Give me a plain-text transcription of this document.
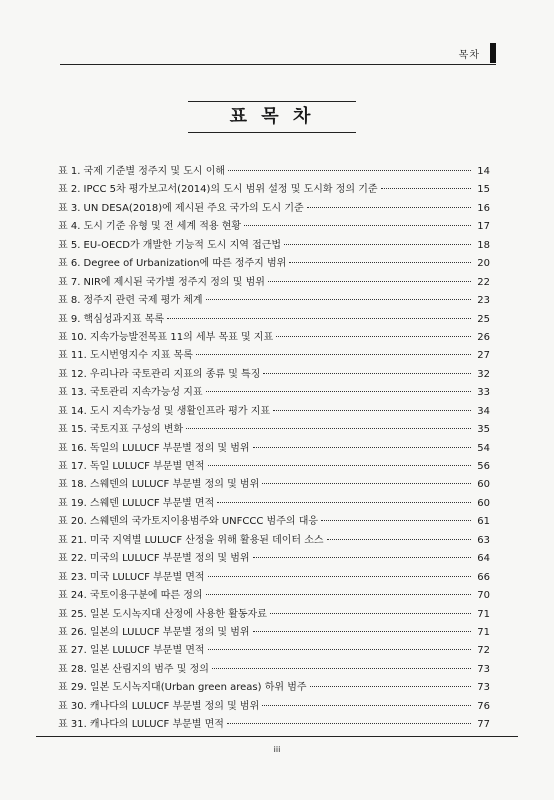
목차
표 목 차
표 1. 국제 기준별 정주지 및 도시 이해	14
표 2. IPCC 5차 평가보고서(2014)의 도시 범위 설정 및 도시화 정의 기준	15
표 3. UN DESA(2018)에 제시된 주요 국가의 도시 기준	16
표 4. 도시 기준 유형 및 전 세계 적용 현황	17
표 5. EU-OECD가 개발한 기능적 도시 지역 접근법	18
표 6. Degree of Urbanization에 따른 정주지 범위	20
표 7. NIR에 제시된 국가별 정주지 정의 및 범위	22
표 8. 정주지 관련 국제 평가 체계	23
표 9. 핵심성과지표 목록	25
표 10. 지속가능발전목표 11의 세부 목표 및 지표	26
표 11. 도시번영지수 지표 목록	27
표 12. 우리나라 국토관리 지표의 종류 및 특징	32
표 13. 국토관리 지속가능성 지표	33
표 14. 도시 지속가능성 및 생활인프라 평가 지표	34
표 15. 국토지표 구성의 변화	35
표 16. 독일의 LULUCF 부문별 정의 및 범위	54
표 17. 독일 LULUCF 부문별 면적	56
표 18. 스웨덴의 LULUCF 부문별 정의 및 범위	60
표 19. 스웨덴 LULUCF 부문별 면적	60
표 20. 스웨덴의 국가토지이용범주와 UNFCCC 범주의 대응	61
표 21. 미국 지역별 LULUCF 산정을 위해 활용된 데이터 소스	63
표 22. 미국의 LULUCF 부문별 정의 및 범위	64
표 23. 미국 LULUCF 부문별 면적	66
표 24. 국토이용구분에 따른 정의	70
표 25. 일본 도시녹지대 산정에 사용한 활동자료	71
표 26. 일본의 LULUCF 부문별 정의 및 범위	71
표 27. 일본 LULUCF 부문별 면적	72
표 28. 일본 산림지의 범주 및 정의	73
표 29. 일본 도시녹지대(Urban green areas) 하위 범주	73
표 30. 캐나다의 LULUCF 부문별 정의 및 범위	76
표 31. 캐나다의 LULUCF 부문별 면적	77
iii
